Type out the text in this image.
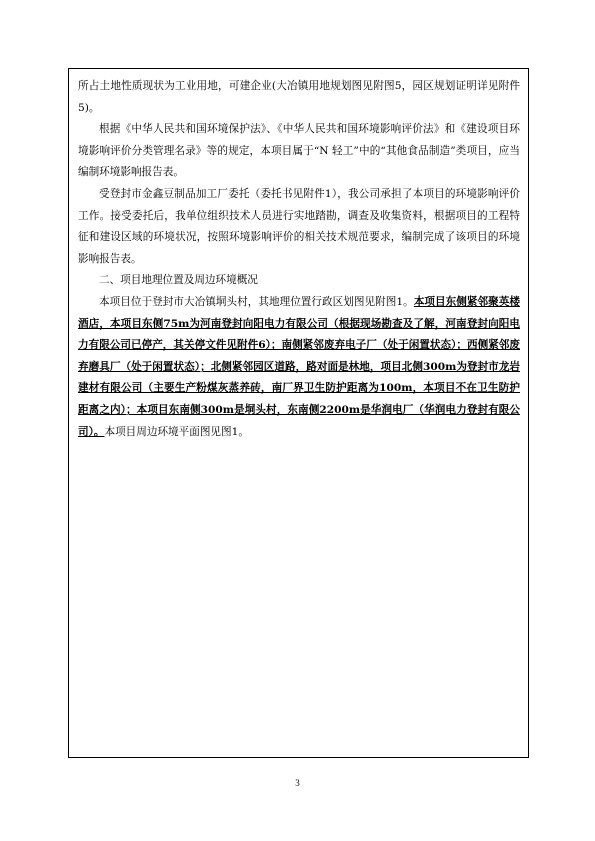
所占土地性质现状为工业用地，可建企业(大冶镇用地规划图见附图5，园区规划证明详见附件5)。

根据《中华人民共和国环境保护法》、《中华人民共和国环境影响评价法》和《建设项目环境影响评价分类管理名录》等的规定，本项目属于“N 轻工”中的“其他食品制造”类项目，应当编制环境影响报告表。

受登封市金鑫豆制品加工厂委托（委托书见附件1），我公司承担了本项目的环境影响评价工作。接受委托后，我单位组织技术人员进行实地踏勘，调查及收集资料，根据项目的工程特征和建设区域的环境状况，按照环境影响评价的相关技术规范要求，编制完成了该项目的环境影响报告表。

二、项目地理位置及周边环境概况

本项目位于登封市大冶镇垌头村，其地理位置行政区划图见附图1。本项目东侧紧邻聚英楼酒店，本项目东侧75m为河南登封向阳电力有限公司（根据现场勘查及了解，河南登封向阳电力有限公司已停产，其关停文件见附件6）；南侧紧邻废弃电子厂（处于闲置状态）；西侧紧邻废弃磨具厂（处于闲置状态）；北侧紧邻园区道路，路对面是林地，项目北侧300m为登封市龙岩建材有限公司（主要生产粉煤灰蒸养砖，南厂界卫生防护距离为100m，本项目不在卫生防护距离之内）；本项目东南侧300m是垌头村，东南侧2200m是华润电厂（华润电力登封有限公司）。本项目周边环境平面图见图1。

3
